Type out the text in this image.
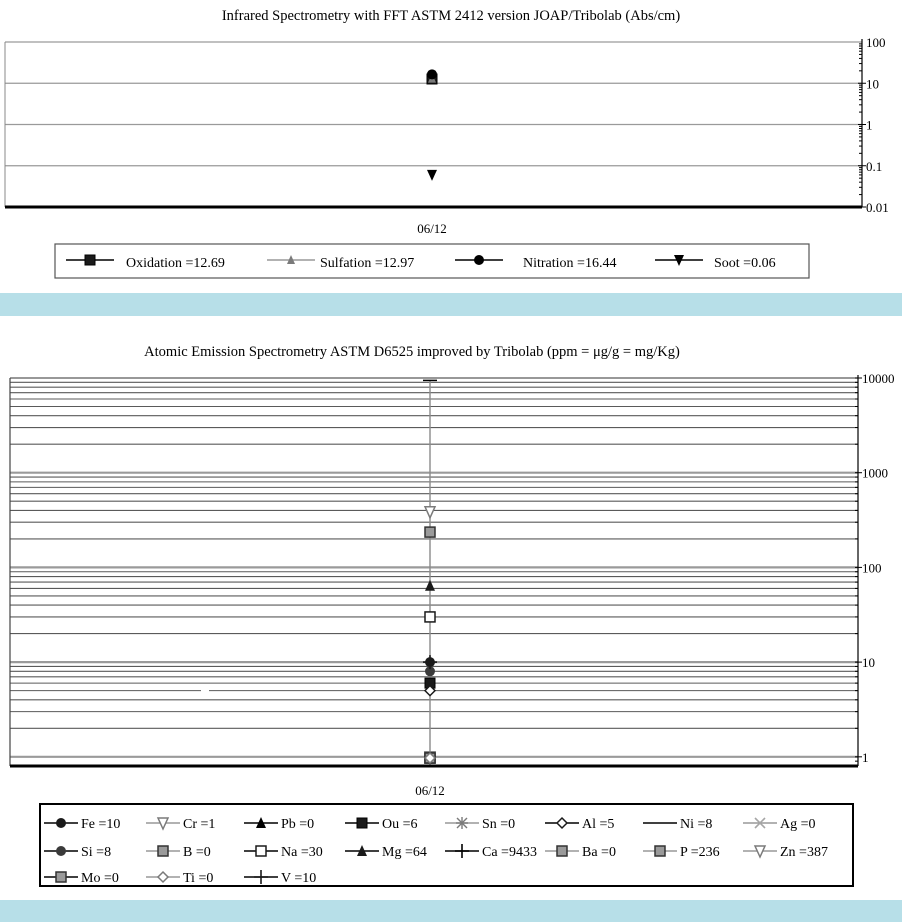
Infrared Spectrometry with FFT ASTM 2412 version JOAP/Tribolab (Abs/cm)
0.01
0.1
1
10
100
06/12
Oxidation =12.69	Sulfation =12.97	Nitration =16.44	Soot =0.06
Atomic Emission Spectrometry ASTM D6525 improved by Tribolab (ppm = μg/g = mg/Kg)
1
10
100
1000
10000
06/12
Fe =10	Cr =1	Pb =0	Ou =6	Sn =0	Al =5	Ni =8	Ag =0
Si =8	B =0	Na =30	Mg =64	Ca =9433	Ba =0	P =236	Zn =387
Mo =0	Ti =0	V =10
